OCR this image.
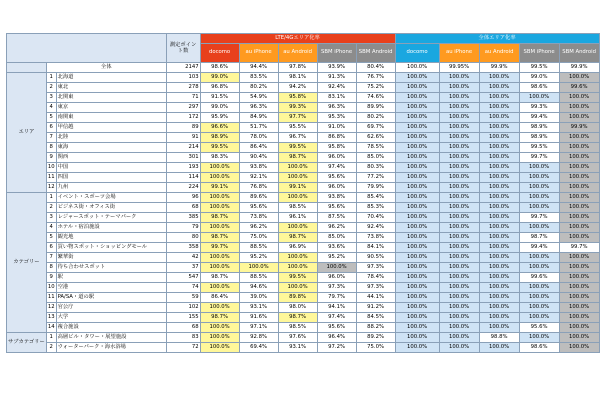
			測定ポイント数	LTE/4Gエリア化率					全体エリア化率				
				docomo	au iPhone	au Android	SBM iPhone	SBM Android	docomo	au iPhone	au Android	SBM iPhone	SBM Android
	全体		2147	98.6%	94.4%	97.8%	93.9%	80.4%	100.0%	99.95%	99.9%	99.5%	99.9%
エリア	1	北海道	103	99.0%	83.5%	98.1%	91.3%	76.7%	100.0%	100.0%	100.0%	99.0%	100.0%
	2	東北	278	96.8%	80.2%	94.2%	92.4%	75.2%	100.0%	100.0%	100.0%	98.6%	99.6%
	3	北関東	71	91.5%	54.9%	95.8%	83.1%	74.6%	100.0%	100.0%	100.0%	100.0%	100.0%
	4	東京	297	99.0%	96.3%	99.3%	96.3%	89.9%	100.0%	100.0%	100.0%	99.3%	100.0%
	5	南関東	172	95.9%	84.9%	97.7%	95.3%	80.2%	100.0%	100.0%	100.0%	99.4%	100.0%
	6	甲信越	89	96.6%	51.7%	95.5%	91.0%	69.7%	100.0%	100.0%	100.0%	98.9%	99.9%
	7	北陸	91	98.9%	78.0%	96.7%	86.8%	62.6%	100.0%	100.0%	100.0%	98.9%	100.0%
	8	東海	214	99.5%	86.4%	99.5%	95.8%	78.5%	100.0%	100.0%	100.0%	99.5%	100.0%
	9	関西	301	98.3%	90.4%	98.7%	96.0%	85.0%	100.0%	100.0%	100.0%	99.7%	100.0%
	10	中国	193	100.0%	93.8%	100.0%	97.4%	80.3%	100.0%	100.0%	100.0%	100.0%	100.0%
	11	四国	114	100.0%	92.1%	100.0%	95.6%	77.2%	100.0%	100.0%	100.0%	100.0%	100.0%
	12	九州	224	99.1%	76.8%	99.1%	96.0%	79.9%	100.0%	100.0%	100.0%	100.0%	100.0%
カテゴリー	1	イベント・スポーツ会場	96	100.0%	89.6%	100.0%	93.8%	85.4%	100.0%	100.0%	100.0%	100.0%	100.0%
	2	ビジネス街・オフィス街	68	100.0%	95.6%	98.5%	95.6%	85.3%	100.0%	100.0%	100.0%	100.0%	100.0%
	3	レジャースポット・テーマパーク	385	98.7%	73.8%	96.1%	87.5%	70.4%	100.0%	100.0%	100.0%	99.7%	100.0%
	4	ホテル・宿泊施設	79	100.0%	96.2%	100.0%	96.2%	92.4%	100.0%	100.0%	100.0%	100.0%	100.0%
	5	観光地	80	98.7%	75.0%	98.7%	85.0%	73.8%	100.0%	100.0%	100.0%	98.7%	100.0%
	6	買い物スポット・ショッピングモール	358	99.7%	88.5%	96.9%	93.6%	84.1%	100.0%	100.0%	100.0%	99.4%	99.7%
	7	繁華街	42	100.0%	95.2%	100.0%	95.2%	90.5%	100.0%	100.0%	100.0%	100.0%	100.0%
	8	待ち合わせスポット	37	100.0%	100.0%	100.0%	100.0%	97.3%	100.0%	100.0%	100.0%	100.0%	100.0%
	9	駅	547	98.7%	88.5%	99.5%	96.0%	78.4%	100.0%	100.0%	100.0%	99.6%	100.0%
	10	空港	74	100.0%	94.6%	100.0%	97.3%	97.3%	100.0%	100.0%	100.0%	100.0%	100.0%
	11	PA/SA・道の駅	59	86.4%	39.0%	89.8%	79.7%	44.1%	100.0%	100.0%	100.0%	100.0%	100.0%
	12	官公庁	102	100.0%	93.1%	98.0%	94.1%	91.2%	100.0%	100.0%	100.0%	100.0%	100.0%
	13	大学	155	98.7%	91.6%	98.7%	97.4%	84.5%	100.0%	100.0%	100.0%	100.0%	100.0%
	14	複合施設	68	100.0%	97.1%	98.5%	95.6%	88.2%	100.0%	100.0%	100.0%	95.6%	100.0%
サブカテゴリー	1	高層ビル・タワー・展望施設	83	100.0%	92.8%	97.6%	96.4%	89.2%	100.0%	100.0%	98.8%	100.0%	100.0%
	2	ウォーターパーク・海水浴場	72	100.0%	69.4%	93.1%	97.2%	75.0%	100.0%	100.0%	100.0%	98.6%	100.0%
